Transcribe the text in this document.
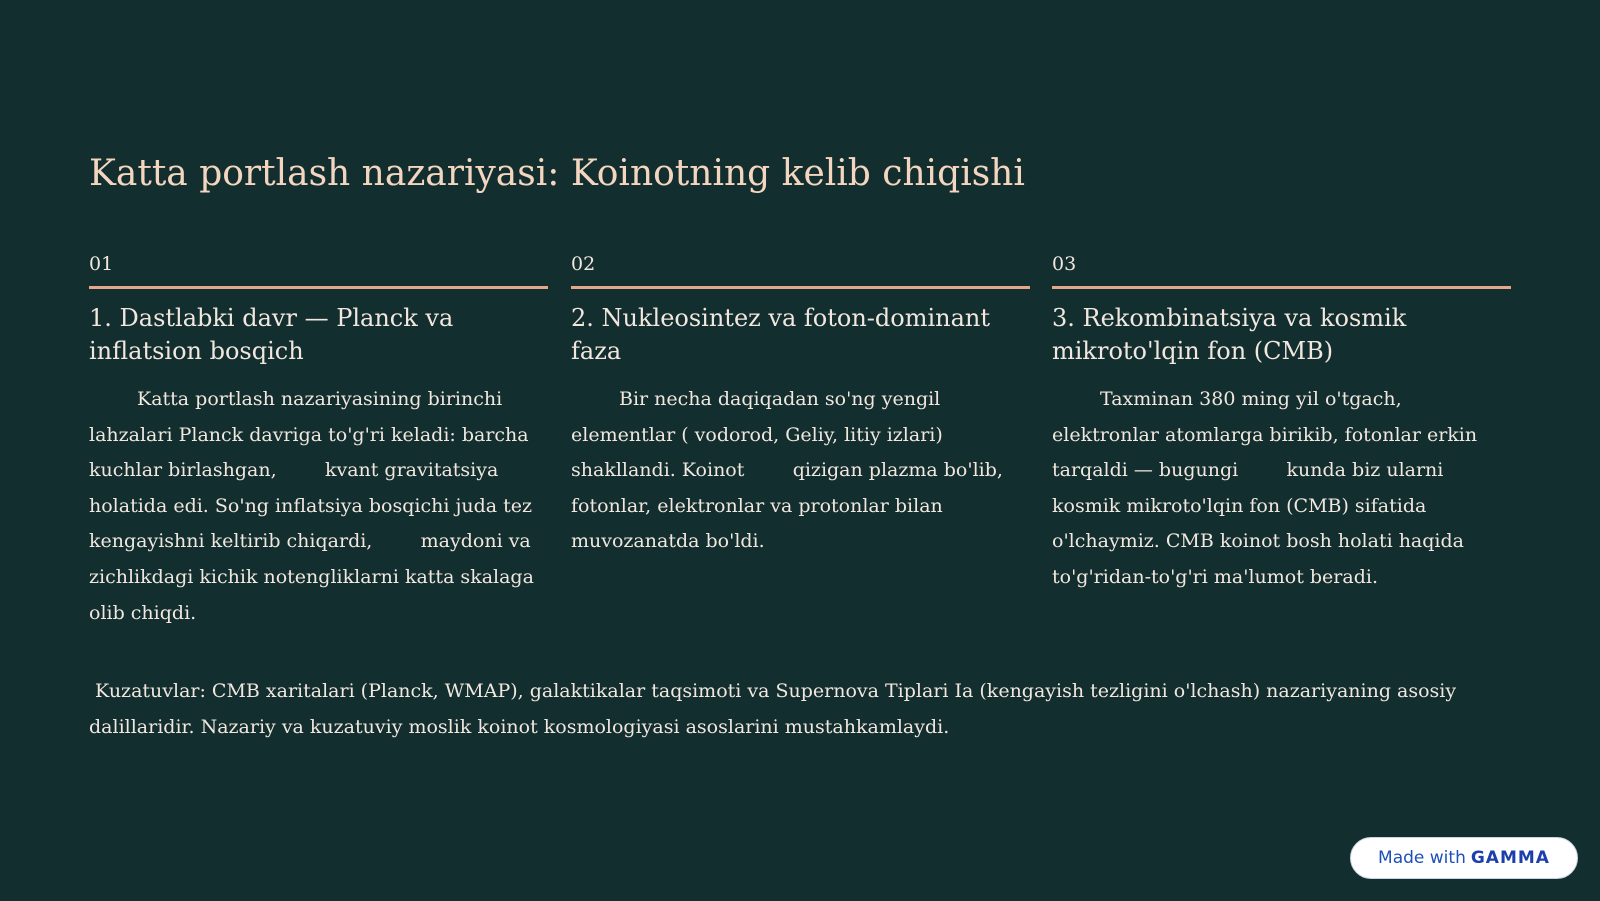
Katta portlash nazariyasi: Koinotning kelib chiqishi
01
1. Dastlabki davr — Planck va inflatsion bosqich

Katta portlash nazariyasining birinchi lahzalari Planck davriga to'g'ri keladi: barcha kuchlar birlashgan,        kvant gravitatsiya holatida edi. So'ng inflatsiya bosqichi juda tez kengayishni keltirib chiqardi,        maydoni va zichlikdagi kichik notengliklarni katta skalaga olib chiqdi.

02
2. Nukleosintez va foton-dominant faza

Bir necha daqiqadan so'ng yengil elementlar ( vodorod, Geliy, litiy izlari) shakllandi. Koinot        qizigan plazma bo'lib, fotonlar, elektronlar va protonlar bilan muvozanatda bo'ldi.

03
3. Rekombinatsiya va kosmik mikroto'lqin fon (CMB)

Taxminan 380 ming yil o'tgach, elektronlar atomlarga birikib, fotonlar erkin tarqaldi — bugungi        kunda biz ularni kosmik mikroto'lqin fon (CMB) sifatida o'lchaymiz. CMB koinot bosh holati haqida to'g'ridan-to'g'ri ma'lumot beradi.

Kuzatuvlar: CMB xaritalari (Planck, WMAP), galaktikalar taqsimoti va Supernova Tiplari Ia (kengayish tezligini o'lchash) nazariyaning asosiy dalillaridir. Nazariy va kuzatuviy moslik koinot kosmologiyasi asoslarini mustahkamlaydi.

Made with GAMMA
